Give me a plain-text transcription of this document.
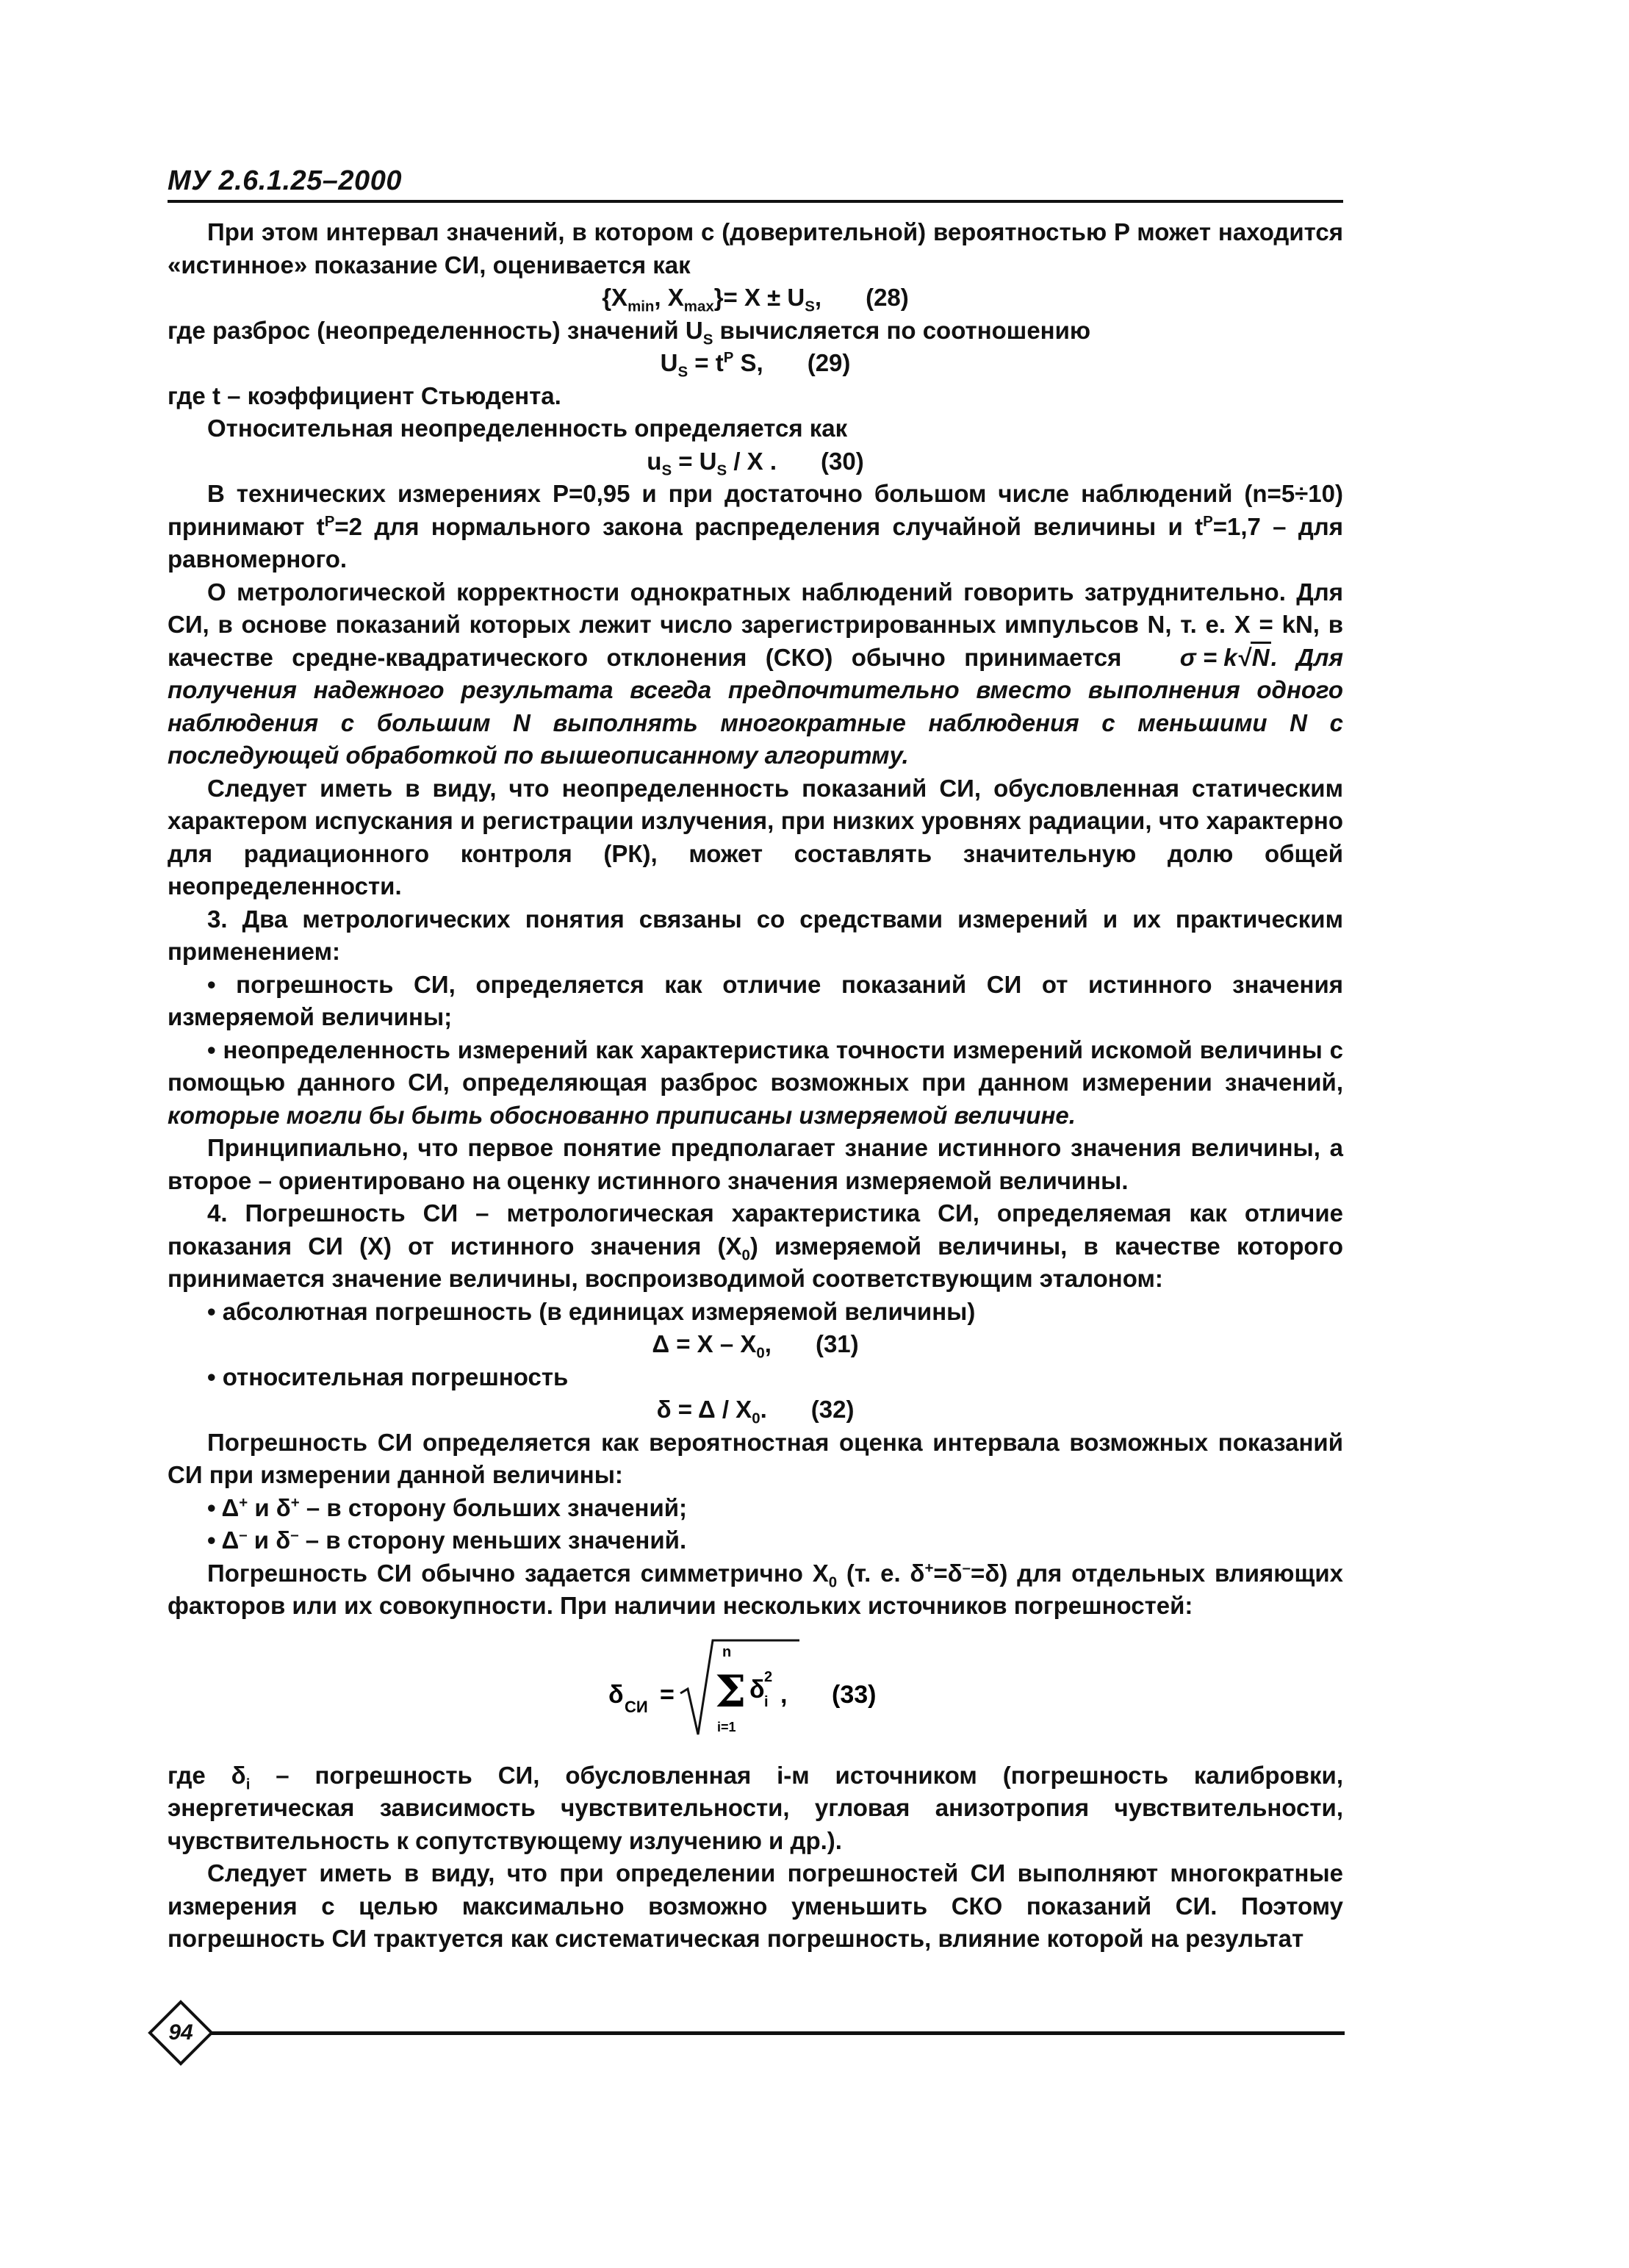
МУ 2.6.1.25–2000

При этом интервал значений, в котором с (доверительной) вероятностью P может находится «истинное» показание СИ, оценивается как

{$X_{min}$, $X_{max}\}= X \pm U_S$, (28)

где разброс (неопределенность) значений $U_S$ вычисляется по соотношению

$U_S = t^P$ S, (29)

где t – коэффициент Стьюдента.

Относительная неопределенность определяется как

$u_S = U_S / X$ . (30)

В технических измерениях P=0,95 и при достаточно большом числе наблюдений (n=5÷10) принимают $t^P=2$ для нормального закона распределения случайной величины и $t^P=1,7$ – для равномерного.

О метрологической корректности однократных наблюдений говорить затруднительно. Для СИ, в основе показаний которых лежит число зарегистрированных импульсов N, т. е. X = kN, в качестве средне-квадратического отклонения (СКО) обычно принимается σ = k√N. Для получения надежного результата всегда предпочтительно вместо выполнения одного наблюдения с большим N выполнять многократные наблюдения с меньшими N с последующей обработкой по вышеописанному алгоритму.

Следует иметь в виду, что неопределенность показаний СИ, обусловленная статическим характером испускания и регистрации излучения, при низких уровнях радиации, что характерно для радиационного контроля (РК), может составлять значительную долю общей неопределенности.

3. Два метрологических понятия связаны со средствами измерений и их практическим применением:

• погрешность СИ, определяется как отличие показаний СИ от истинного значения измеряемой величины;

• неопределенность измерений как характеристика точности измерений искомой величины с помощью данного СИ, определяющая разброс возможных при данном измерении значений, которые могли бы быть обоснованно приписаны измеряемой величине.

Принципиально, что первое понятие предполагает знание истинного значения величины, а второе – ориентировано на оценку истинного значения измеряемой величины.

4. Погрешность СИ – метрологическая характеристика СИ, определяемая как отличие показания СИ (X) от истинного значения $(X_0)$ измеряемой величины, в качестве которого принимается значение величины, воспроизводимой соответствующим эталоном:

• абсолютная погрешность (в единицах измеряемой величины)

$\Delta = X - X_0$, (31)

• относительная погрешность

$\delta = \Delta / X_0$. (32)

Погрешность СИ определяется как вероятностная оценка интервала возможных показаний СИ при измерении данной величины:

• Δ+ и δ+ – в сторону больших значений;

• Δ– и δ– – в сторону меньших значений.

Погрешность СИ обычно задается симметрично $X_0$ (т. е. δ+=δ–=δ) для отдельных влияющих факторов или их совокупности. При наличии нескольких источников погрешностей:

δ СИ =
n
Σ
i=1
δ i
2
, (33)

где $\delta_i$ – погрешность СИ, обусловленная i-м источником (погрешность калибровки, энергетическая зависимость чувствительности, угловая анизотропия чувствительности, чувствительность к сопутствующему излучению и др.).

Следует иметь в виду, что при определении погрешностей СИ выполняют многократные измерения с целью максимально возможно уменьшить СКО показаний СИ. Поэтому погрешность СИ трактуется как систематическая погрешность, влияние которой на результат

94
